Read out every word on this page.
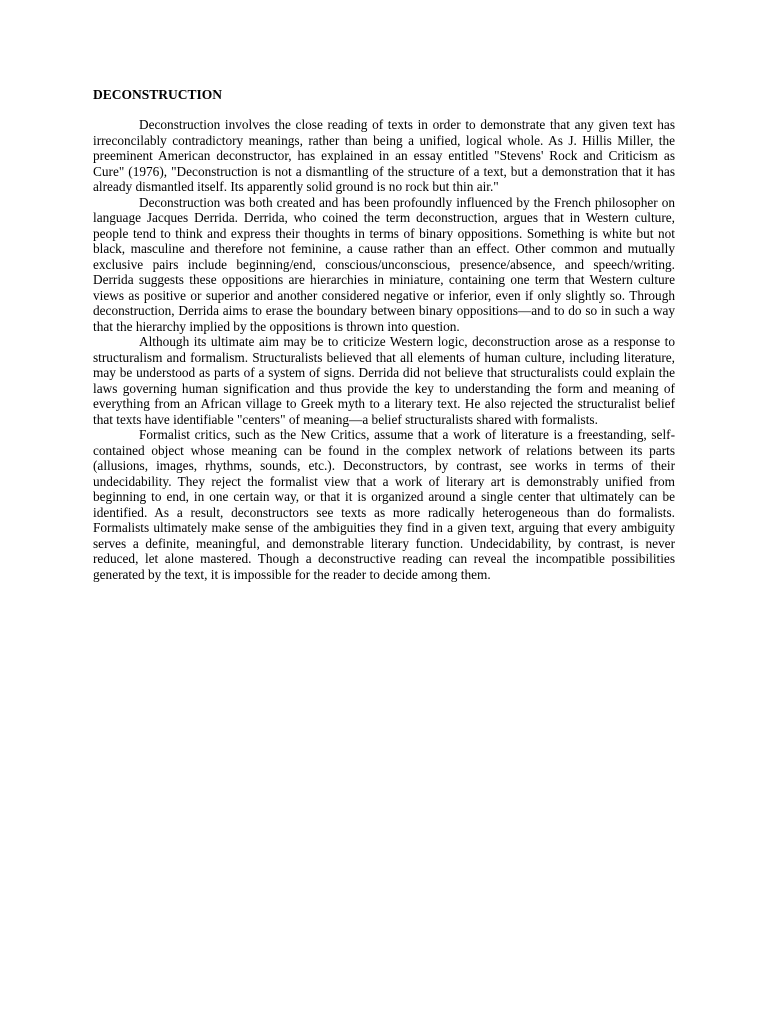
DECONSTRUCTION

Deconstruction involves the close reading of texts in order to demonstrate that any given text has irreconcilably contradictory meanings, rather than being a unified, logical whole. As J. Hillis Miller, the preeminent American deconstructor, has explained in an essay entitled "Stevens' Rock and Criticism as Cure" (1976), "Deconstruction is not a dismantling of the structure of a text, but a demonstration that it has already dismantled itself. Its apparently solid ground is no rock but thin air."

Deconstruction was both created and has been profoundly influenced by the French philosopher on language Jacques Derrida. Derrida, who coined the term deconstruction, argues that in Western culture, people tend to think and express their thoughts in terms of binary oppositions. Something is white but not black, masculine and therefore not feminine, a cause rather than an effect. Other common and mutually exclusive pairs include beginning/end, conscious/unconscious, presence/absence, and speech/writing. Derrida suggests these oppositions are hierarchies in miniature, containing one term that Western culture views as positive or superior and another considered negative or inferior, even if only slightly so. Through deconstruction, Derrida aims to erase the boundary between binary oppositions—and to do so in such a way that the hierarchy implied by the oppositions is thrown into question.

Although its ultimate aim may be to criticize Western logic, deconstruction arose as a response to structuralism and formalism. Structuralists believed that all elements of human culture, including literature, may be understood as parts of a system of signs. Derrida did not believe that structuralists could explain the laws governing human signification and thus provide the key to understanding the form and meaning of everything from an African village to Greek myth to a literary text. He also rejected the structuralist belief that texts have identifiable "centers" of meaning—a belief structuralists shared with formalists.

Formalist critics, such as the New Critics, assume that a work of literature is a freestanding, self-contained object whose meaning can be found in the complex network of relations between its parts (allusions, images, rhythms, sounds, etc.). Deconstructors, by contrast, see works in terms of their undecidability. They reject the formalist view that a work of literary art is demonstrably unified from beginning to end, in one certain way, or that it is organized around a single center that ultimately can be identified. As a result, deconstructors see texts as more radically heterogeneous than do formalists. Formalists ultimately make sense of the ambiguities they find in a given text, arguing that every ambiguity serves a definite, meaningful, and demonstrable literary function. Undecidability, by contrast, is never reduced, let alone mastered. Though a deconstructive reading can reveal the incompatible possibilities generated by the text, it is impossible for the reader to decide among them.
